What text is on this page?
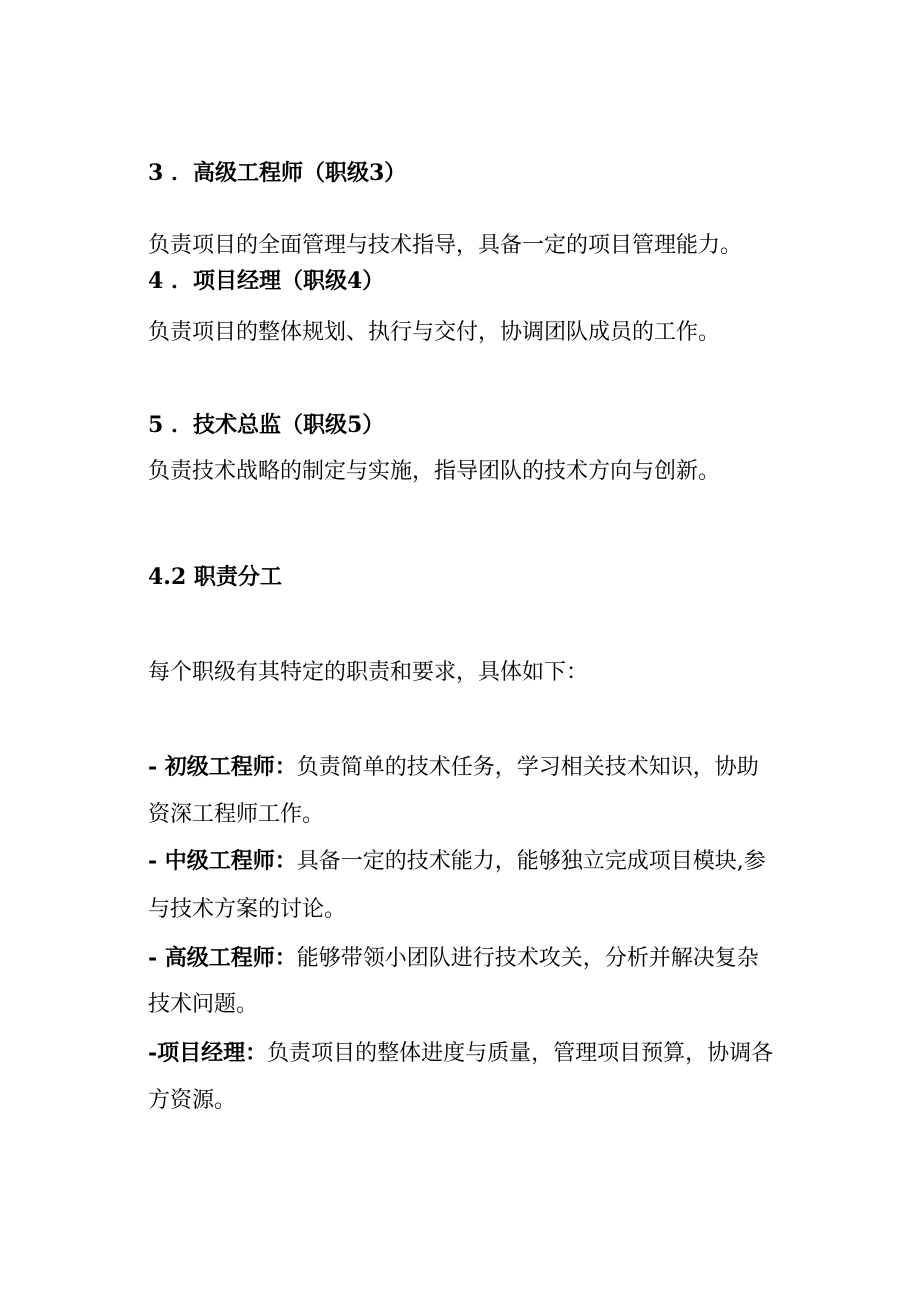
3 ．高级工程师（职级3）
负责项目的全面管理与技术指导，具备一定的项目管理能力。
4 ．项目经理（职级4）
负责项目的整体规划、执行与交付，协调团队成员的工作。
5 ．技术总监（职级5）
负责技术战略的制定与实施，指导团队的技术方向与创新。
4.2 职责分工
每个职级有其特定的职责和要求，具体如下：
- 初级工程师：负责简单的技术任务，学习相关技术知识，协助
资深工程师工作。
- 中级工程师：具备一定的技术能力，能够独立完成项目模块,参
与技术方案的讨论。
- 高级工程师：能够带领小团队进行技术攻关，分析并解决复杂
技术问题。
-项目经理：负责项目的整体进度与质量，管理项目预算，协调各
方资源。
